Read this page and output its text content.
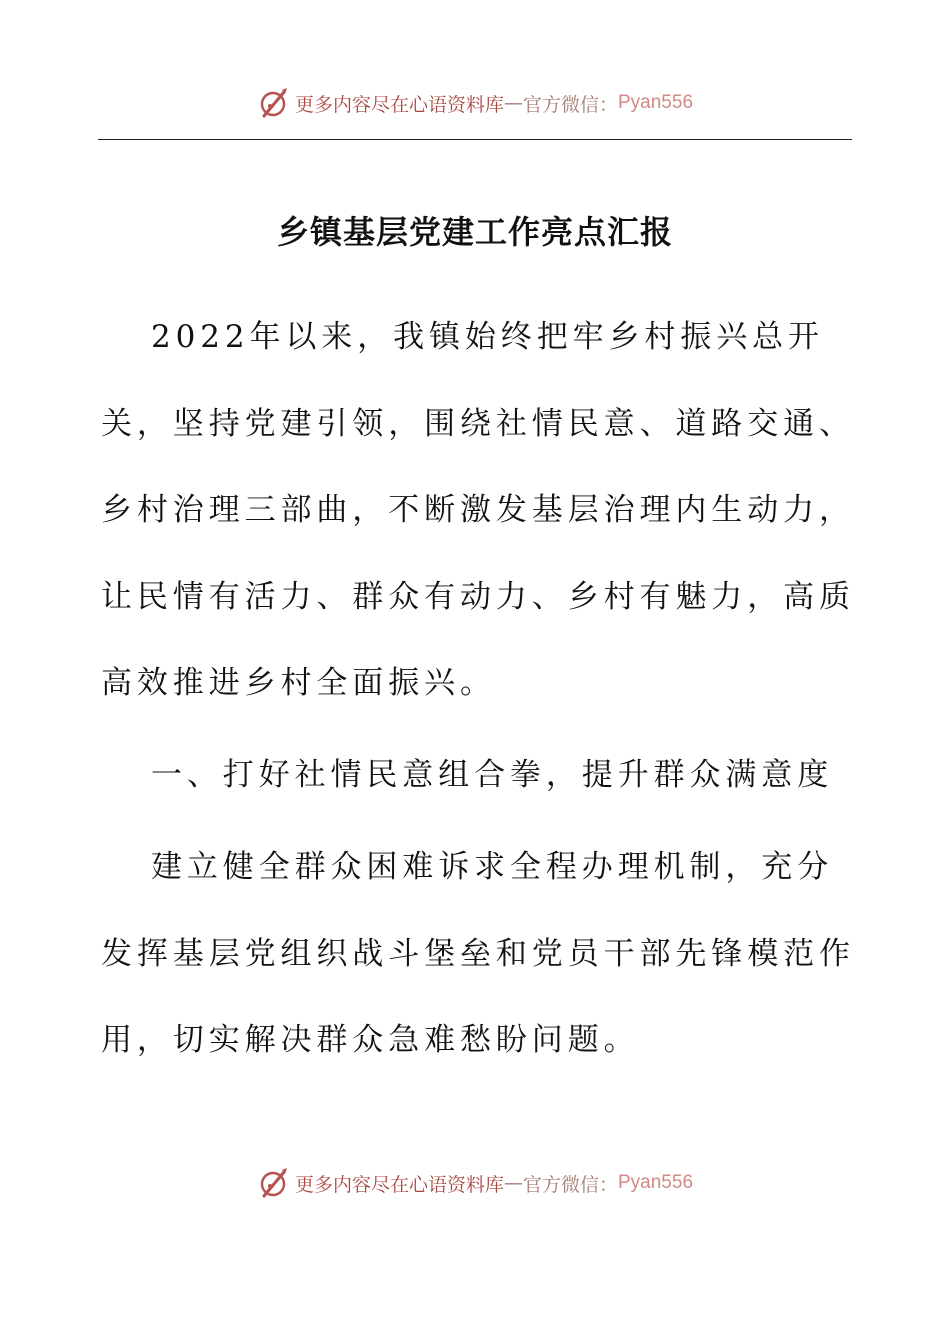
更多内容尽在心语资料库 — 官方微信： Pyan556
乡镇基层党建工作亮点汇报

2022年以来，我镇始终把牢乡村振兴总开关，坚持党建引领，围绕社情民意、道路交通、乡村治理三部曲，不断激发基层治理内生动力，让民情有活力、群众有动力、乡村有魅力，高质高效推进乡村全面振兴。

一、打好社情民意组合拳，提升群众满意度

建立健全群众困难诉求全程办理机制，充分发挥基层党组织战斗堡垒和党员干部先锋模范作用，切实解决群众急难愁盼问题。

更多内容尽在心语资料库 — 官方微信： Pyan556
